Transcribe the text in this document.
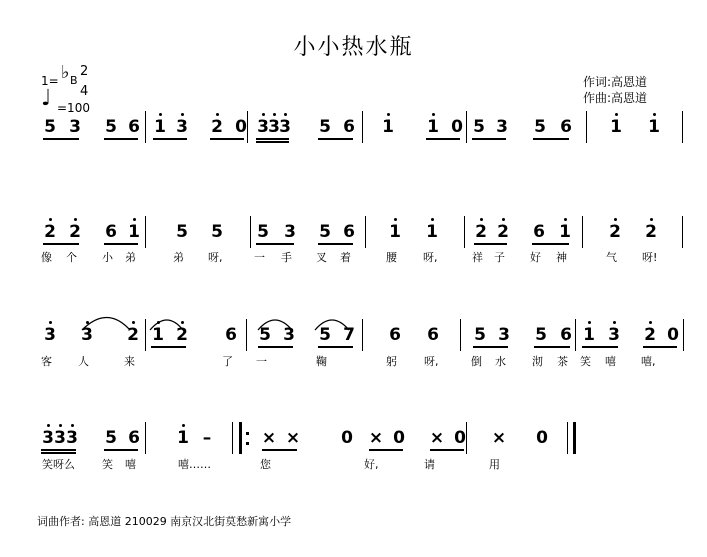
小小热水瓶
作词:高恩道
作曲:高恩道
1= ♭ B
2
4
♩ =100
词曲作者: 高恩道 210029 南京汉北街莫愁新寓小学
5 3 5 6 1 3 2 0 3 3 3 5 6 1 1 0 5 3 5 6 1 1
2 2 6 1 5 5 5 3 5 6 1 1 2 2 6 1 2 2
像 个 小 弟	弟 呀,	一 手 叉 着	腰 呀,	祥 子 好 神	气 呀!
3 3 2 1 2 6 5 3 5 7 6 6 5 3 5 6 1 3 2 0
客 人	来	了 一	鞠	躬 呀,	倒 水 沏 茶 笑 嘻 嘻,
3 3 3 5 6 1 –	× × 0 × 0 × 0 × 0
笑呀么 笑 嘻	嘻……	您	好,	请	用
